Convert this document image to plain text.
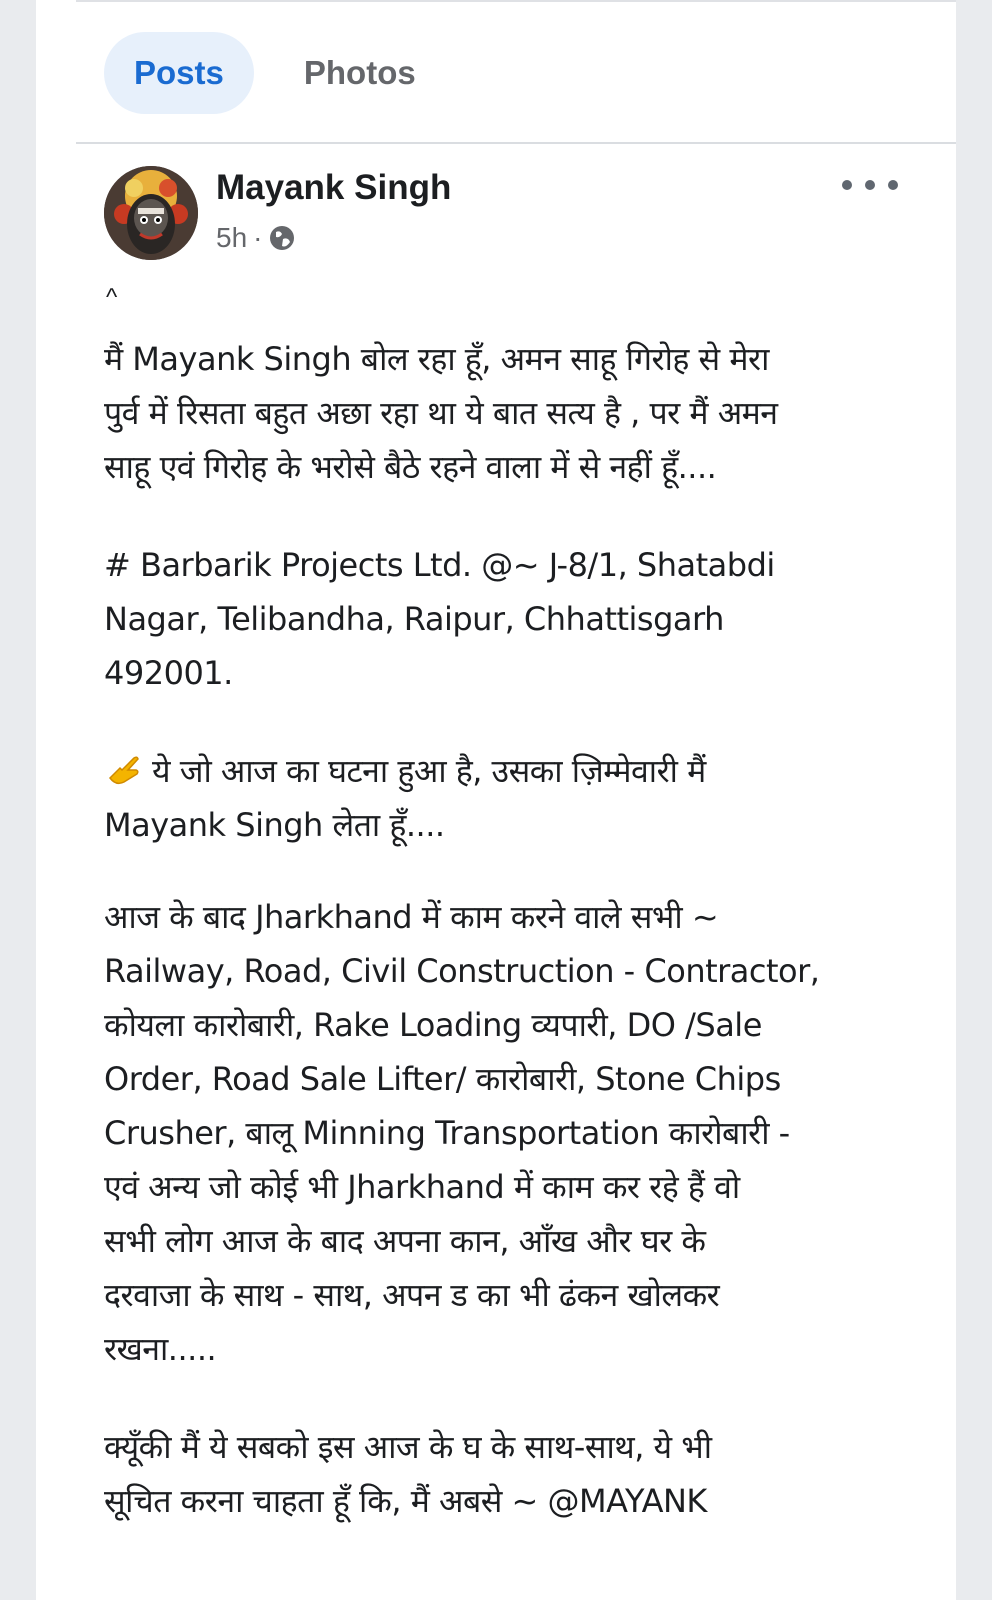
Posts	Photos
Mayank Singh
5h ·
^
मैं Mayank Singh बोल रहा हूँ, अमन साहू गिरोह से मेरा
पुर्व में रिसता बहुत अछा रहा था ये बात सत्य है , पर मैं अमन
साहू एवं गिरोह के भरोसे बैठे रहने वाला में से नहीं हूँ....
# Barbarik Projects Ltd. @~ J-8/1, Shatabdi
Nagar, Telibandha, Raipur, Chhattisgarh
492001.
ये जो आज का घटना हुआ है, उसका ज़िम्मेवारी मैं
Mayank Singh लेता हूँ....
आज के बाद Jharkhand में काम करने वाले सभी ~
Railway, Road, Civil Construction - Contractor,
कोयला कारोबारी, Rake Loading व्यपारी, DO /Sale
Order, Road Sale Lifter/ कारोबारी, Stone Chips
Crusher, बालू Minning Transportation कारोबारी -
एवं अन्य जो कोई भी Jharkhand में काम कर रहे हैं वो
सभी लोग आज के बाद अपना कान, आँख और घर के
दरवाजा के साथ - साथ, अपन ड का भी ढंकन खोलकर
रखना.....
क्यूँकी मैं ये सबको इस आज के घ के साथ-साथ, ये भी
सूचित करना चाहता हूँ कि, मैं अबसे ~ @MAYANK
